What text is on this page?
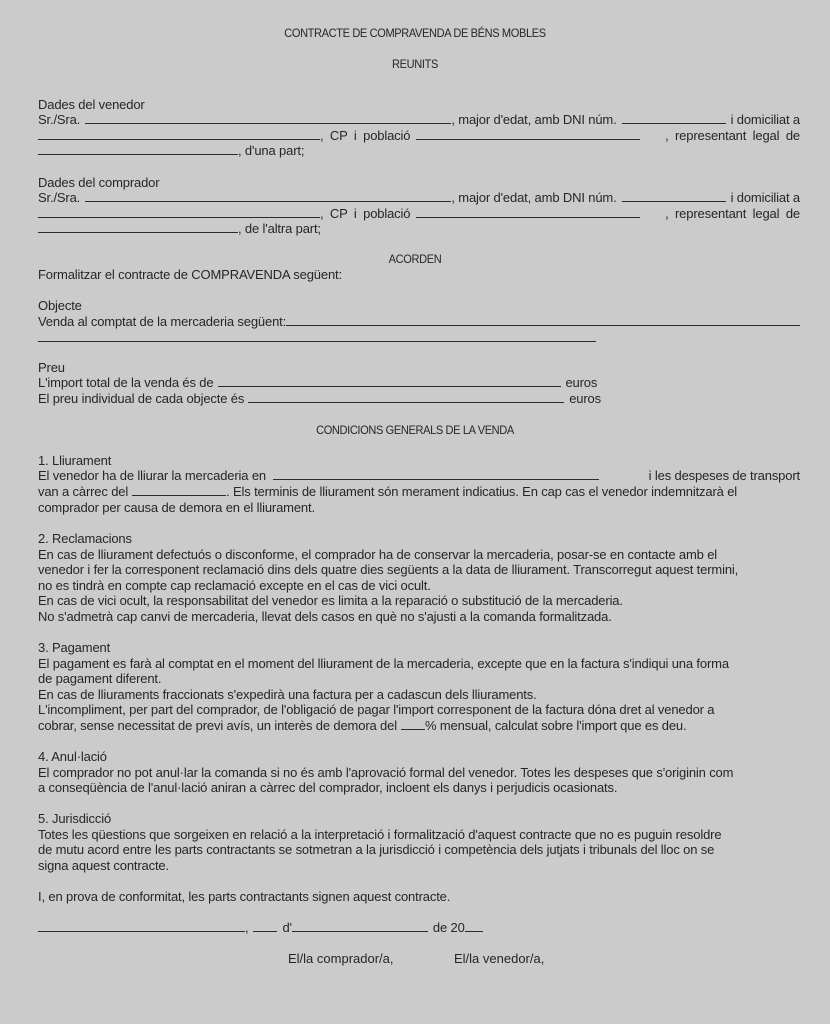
CONTRACTE DE COMPRAVENDA DE BÉNS MOBLES
REUNITS
Dades del venedor
Sr./Sra.	, major d'edat, amb DNI núm.	i domiciliat a
, CP i població	, representant legal de
, d'una part;
Dades del comprador
Sr./Sra.	, major d'edat, amb DNI núm.	i domiciliat a
, CP i població	, representant legal de
, de l'altra part;
ACORDEN
Formalitzar el contracte de COMPRAVENDA següent:
Objecte
Venda al comptat de la mercaderia següent:
Preu
L'import total de la venda és de	euros
El preu individual de cada objecte és	euros
CONDICIONS GENERALS DE LA VENDA
1. Lliurament
El venedor ha de lliurar la mercaderia en	i les despeses de transport
van a càrrec del	. Els terminis de lliurament són merament indicatius. En cap cas el venedor indemnitzarà el
comprador per causa de demora en el lliurament.
2. Reclamacions
En cas de lliurament defectuós o disconforme, el comprador ha de conservar la mercaderia, posar-se en contacte amb el
venedor i fer la corresponent reclamació dins dels quatre dies següents a la data de lliurament. Transcorregut aquest termini,
no es tindrà en compte cap reclamació excepte en el cas de vici ocult.
En cas de vici ocult, la responsabilitat del venedor es limita a la reparació o substitució de la mercaderia.
No s'admetrà cap canvi de mercaderia, llevat dels casos en què no s'ajusti a la comanda formalitzada.
3. Pagament
El pagament es farà al comptat en el moment del lliurament de la mercaderia, excepte que en la factura s'indiqui una forma
de pagament diferent.
En cas de lliuraments fraccionats s'expedirà una factura per a cadascun dels lliuraments.
L'incompliment, per part del comprador, de l'obligació de pagar l'import corresponent de la factura dóna dret al venedor a
cobrar, sense necessitat de previ avís, un interès de demora del % mensual, calculat sobre l'import que es deu.
4. Anul·lació
El comprador no pot anul·lar la comanda si no és amb l'aprovació formal del venedor. Totes les despeses que s'originin com
a conseqüència de l'anul·lació aniran a càrrec del comprador, incloent els danys i perjudicis ocasionats.
5. Jurisdicció
Totes les qüestions que sorgeixen en relació a la interpretació i formalització d'aquest contracte que no es puguin resoldre
de mutu acord entre les parts contractants se sotmetran a la jurisdicció i competència dels jutjats i tribunals del lloc on se
signa aquest contracte.
I, en prova de conformitat, les parts contractants signen aquest contracte.
,	d'	de 20
El/la comprador/a,	El/la venedor/a,
